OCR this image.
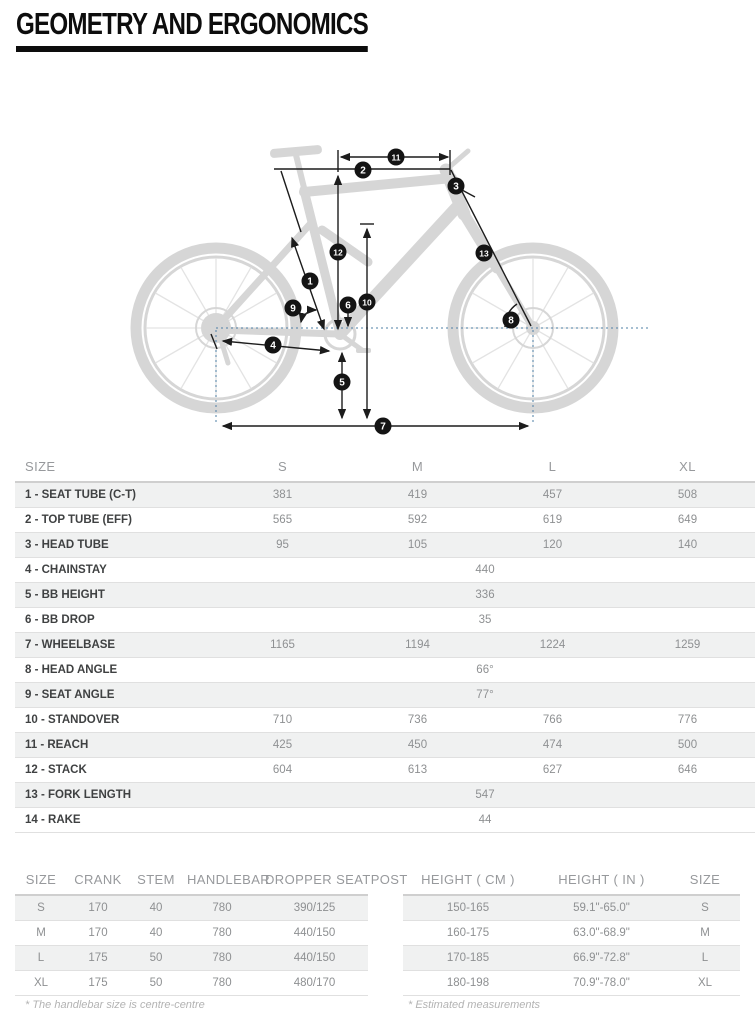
GEOMETRY AND ERGONOMICS
1
2
3
4
5
6
7
8
9
10
11
12	13
SIZE	S	M	L	XL
1 - SEAT TUBE (C-T)	381	419	457	508
2 - TOP TUBE (EFF)	565	592	619	649
3 - HEAD TUBE	95	105	120	140
4 - CHAINSTAY	440			
5 - BB HEIGHT	336			
6 - BB DROP	35			
7 - WHEELBASE	1165	1194	1224	1259
8 - HEAD ANGLE	66°			
9 - SEAT ANGLE	77°			
10 - STANDOVER	710	736	766	776
11 - REACH	425	450	474	500
12 - STACK	604	613	627	646
13 - FORK LENGTH	547			
14 - RAKE	44			
SIZE	CRANK	STEM	HANDLEBAR	DROPPER SEATPOST
S	170	40	780	390/125
M	170	40	780	440/150
L	175	50	780	440/150
XL	175	50	780	480/170
HEIGHT ( CM )	HEIGHT ( IN )	SIZE
150-165	59.1"-65.0"	S
160-175	63.0"-68.9"	M
170-185	66.9"-72.8"	L
180-198	70.9"-78.0"	XL
* The handlebar size is centre-centre	* Estimated measurements
